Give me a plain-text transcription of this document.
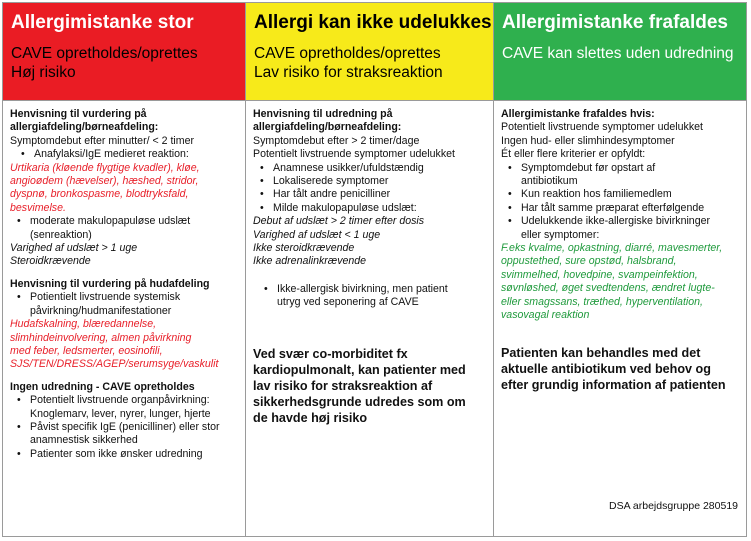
Allergimistanke stor
CAVE opretholdes/oprettes
Høj risiko
Henvisning til vurdering på
allergiafdeling/børneafdeling:
Symptomdebut efter minutter/ < 2 timer
• Anafylaksi/IgE medieret reaktion:
Urtikaria (kløende flygtige kvadler), kløe,
angioødem (hævelser), hæshed, stridor,
dyspnø, bronkospasme, blodtryksfald,
besvimelse.
• moderate makulopapuløse udslæt
(senreaktion)
Varighed af udslæt > 1 uge
Steroidkrævende
Henvisning til vurdering på hudafdeling
• Potientielt livstruende systemisk
påvirkning/hudmanifestationer
Hudafskalning, blæredannelse,
slimhindeinvolvering, almen påvirkning
med feber, ledsmerter, eosinofili,
SJS/TEN/DRESS/AGEP/serumsyge/vaskulit
Ingen udredning - CAVE opretholdes
• Potentielt livstruende organpåvirkning:
Knoglemarv, lever, nyrer, lunger, hjerte
• Påvist specifik IgE (penicilliner) eller stor
anamnestisk sikkerhed
• Patienter som ikke ønsker udredning
Allergi kan ikke udelukkes
CAVE opretholdes/oprettes
Lav risiko for straksreaktion
Henvisning til udredning på
allergiafdeling/børneafdeling:
Symptomdebut efter > 2 timer/dage
Potentielt livstruende symptomer udelukket
• Anamnese usikker/ufuldstændig
• Lokaliserede symptomer
• Har tålt andre penicilliner
• Milde makulopapuløse udslæt:
Debut af udslæt > 2 timer efter dosis
Varighed af udslæt < 1 uge
Ikke steroidkrævende
Ikke adrenalinkrævende
• Ikke-allergisk bivirkning, men patient
utryg ved seponering af CAVE
Ved svær co-morbiditet fx
kardiopulmonalt, kan patienter med
lav risiko for straksreaktion af
sikkerhedsgrunde udredes som om
de havde høj risiko
Allergimistanke frafaldes
CAVE kan slettes uden udredning
Allergimistanke frafaldes hvis:
Potentielt livstruende symptomer udelukket
Ingen hud- eller slimhindesymptomer
Ét eller flere kriterier er opfyldt:
• Symptomdebut før opstart af
antibiotikum
• Kun reaktion hos familiemedlem
• Har tålt samme præparat efterfølgende
• Udelukkende ikke-allergiske bivirkninger
eller symptomer:
F.eks kvalme, opkastning, diarré, mavesmerter,
oppustethed, sure opstød, halsbrand,
svimmelhed, hovedpine, svampeinfektion,
søvnløshed, øget svedtendens, ændret lugte-
eller smagssans, træthed, hyperventilation,
vasovagal reaktion
Patienten kan behandles med det
aktuelle antibiotikum ved behov og
efter grundig information af patienten
DSA arbejdsgruppe 280519
